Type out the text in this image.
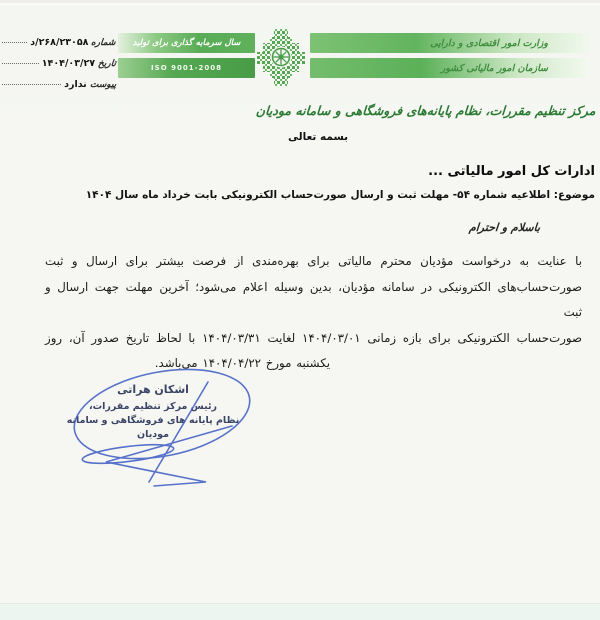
شماره
۲۶۸/۲۳۰۵۸/د
تاریخ
۱۴۰۴/۰۳/۲۷
پیوست
ندارد
سال سرمایه گذاری برای تولید
ISO 9001-2008
وزارت امور اقتصادی و دارایی
سازمان امور مالیاتی کشور
مرکز تنظیم مقررات، نظام پایانه‌های فروشگاهی و سامانه مودیان
بسمه تعالی
ادارات کل امور مالیاتی ...
موضوع: اطلاعیه شماره ۵۴- مهلت ثبت و ارسال صورت‌حساب الکترونیکی بابت خرداد ماه سال ۱۴۰۴
باسلام و احترام
با عنایت به درخواست مؤدیان محترم مالیاتی برای بهره‌مندی از فرصت بیشتر برای ارسال و ثبت
صورت‌حساب‌های الکترونیکی در سامانه مؤدیان، بدین وسیله اعلام می‌شود؛ آخرین مهلت جهت ارسال و ثبت
صورت‌حساب الکترونیکی برای بازه زمانی ۱۴۰۴/۰۳/۰۱ لغایت ۱۴۰۴/۰۳/۳۱ با لحاظ تاریخ صدور آن، روز
یکشنبه مورخ ۱۴۰۴/۰۴/۲۲ می‌باشد.
اشکان هراتی
رئیس مرکز تنظیم مقررات،
نظام پایانه های فروشگاهی و سامانه مودیان
